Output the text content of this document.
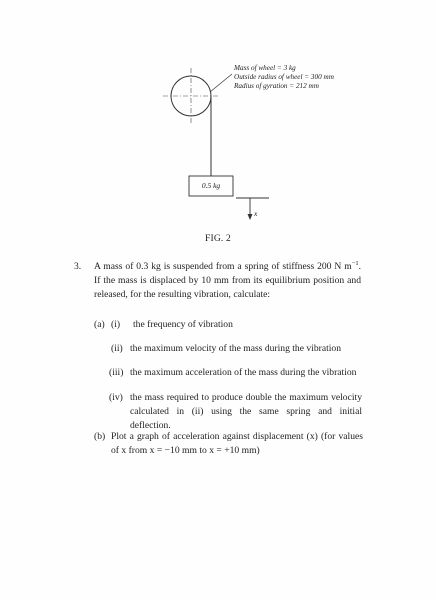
Mass of wheel = 3 kg
Outside radius of wheel = 300 mm
Radius of gyration = 212 mm
0.5 kg
x
FIG. 2
3. A mass of 0.3 kg is suspended from a spring of stiffness 200 N $m^{-1}$. If the mass is displaced by 10 mm from its equilibrium position and released, for the resulting vibration, calculate:
(a) (i) the frequency of vibration
(ii) the maximum velocity of the mass during the vibration
(iii) the maximum acceleration of the mass during the vibration
(iv) the mass required to produce double the maximum velocity calculated in (ii) using the same spring and initial deflection.
(b) Plot a graph of acceleration against displacement (x) (for values of x from x = −10 mm to x = +10 mm)
